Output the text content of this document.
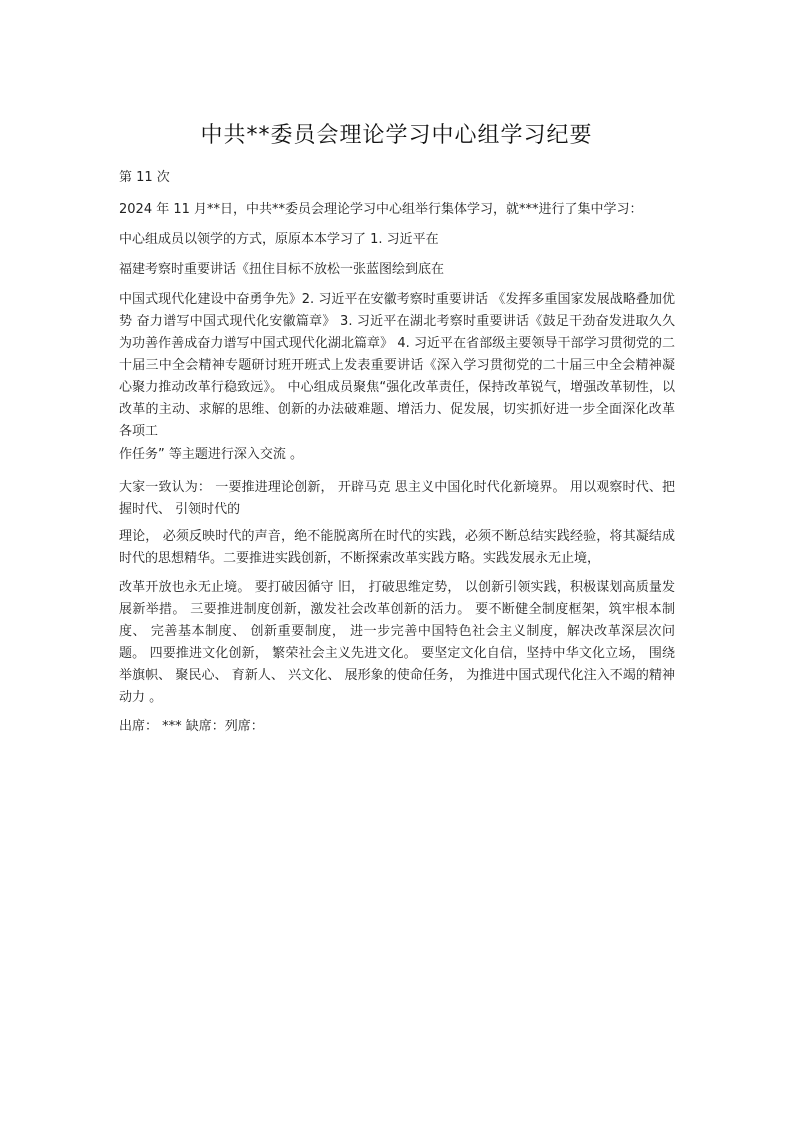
中共**委员会理论学习中心组学习纪要

第 11 次

2024 年 11 月**日，中共**委员会理论学习中心组举行集体学习，就***进行了集中学习：

中心组成员以领学的方式，原原本本学习了 1. 习近平在

福建考察时重要讲话《扭住目标不放松一张蓝图绘到底在

中国式现代化建设中奋勇争先》2. 习近平在安徽考察时重要讲话 《发挥多重国家发展战略叠加优势 奋力谱写中国式现代化安徽篇章》 3. 习近平在湖北考察时重要讲话《鼓足干劲奋发进取久久为功善作善成奋力谱写中国式现代化湖北篇章》 4. 习近平在省部级主要领导干部学习贯彻党的二十届三中全会精神专题研讨班开班式上发表重要讲话《深入学习贯彻党的二十届三中全会精神凝心聚力推动改革行稳致远》。 中心组成员聚焦“强化改革责任，保持改革锐气，增强改革韧性，以改革的主动、求解的思维、创新的办法破难题、增活力、促发展，切实抓好进一步全面深化改革各项工

作任务” 等主题进行深入交流 。

大家一致认为： 一要推进理论创新， 开辟马克 思主义中国化时代化新境界。 用以观察时代、把握时代、 引领时代的

理论， 必须反映时代的声音，绝不能脱离所在时代的实践，必须不断总结实践经验，将其凝结成时代的思想精华。二要推进实践创新，不断探索改革实践方略。实践发展永无止境，

改革开放也永无止境。 要打破因循守 旧， 打破思维定势， 以创新引领实践，积极谋划高质量发展新举措。 三要推进制度创新，激发社会改革创新的活力。 要不断健全制度框架，筑牢根本制度、 完善基本制度、 创新重要制度， 进一步完善中国特色社会主义制度，解决改革深层次问题。 四要推进文化创新， 繁荣社会主义先进文化。 要坚定文化自信，坚持中华文化立场， 围绕举旗帜、 聚民心、 育新人、 兴文化、 展形象的使命任务， 为推进中国式现代化注入不竭的精神动力 。

出席： *** 缺席：列席：
